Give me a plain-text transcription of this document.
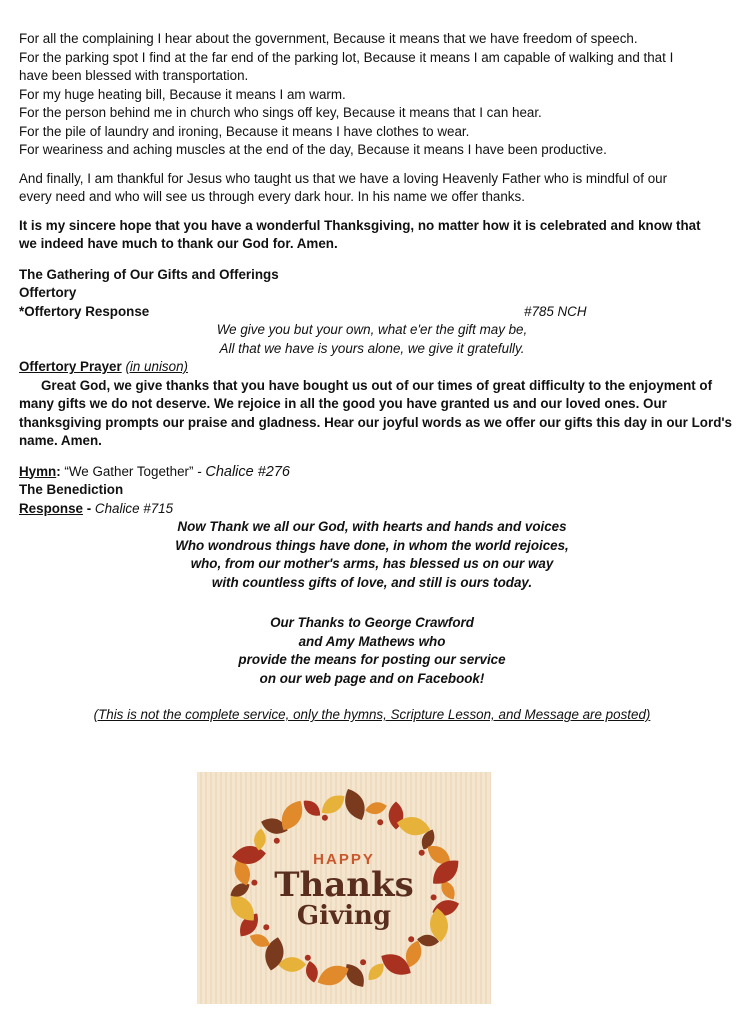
For all the complaining I hear about the government, Because it means that we have freedom of speech.
For the parking spot I find at the far end of the parking lot, Because it means I am capable of walking and that I
have been blessed with transportation.
For my huge heating bill, Because it means I am warm.
For the person behind me in church who sings off key, Because it means that I can hear.
For the pile of laundry and ironing, Because it means I have clothes to wear.
For weariness and aching muscles at the end of the day, Because it means I have been productive.
And finally, I am thankful for Jesus who taught us that we have a loving Heavenly Father who is mindful of our
every need and who will see us through every dark hour. In his name we offer thanks.
It is my sincere hope that you have a wonderful Thanksgiving, no matter how it is celebrated and know that
we indeed have much to thank our God for. Amen.
The Gathering of Our Gifts and Offerings
Offertory
*Offertory Response	#785 NCH
We give you but your own, what e'er the gift may be,
All that we have is yours alone, we give it gratefully.
Offertory Prayer (in unison)
Great God, we give thanks that you have bought us out of our times of great difficulty to the enjoyment of
many gifts we do not deserve. We rejoice in all the good you have granted us and our loved ones. Our
thanksgiving prompts our praise and gladness. Hear our joyful words as we offer our gifts this day in our Lord's
name. Amen.
Hymn: “We Gather Together” - Chalice #276
The Benediction
Response - Chalice #715
Now Thank we all our God, with hearts and hands and voices
Who wondrous things have done, in whom the world rejoices,
who, from our mother's arms, has blessed us on our way
with countless gifts of love, and still is ours today.
Our Thanks to George Crawford
and Amy Mathews who
provide the means for posting our service
on our web page and on Facebook!
(This is not the complete service, only the hymns, Scripture Lesson, and Message are posted)
HAPPY
Thanks
Giving
